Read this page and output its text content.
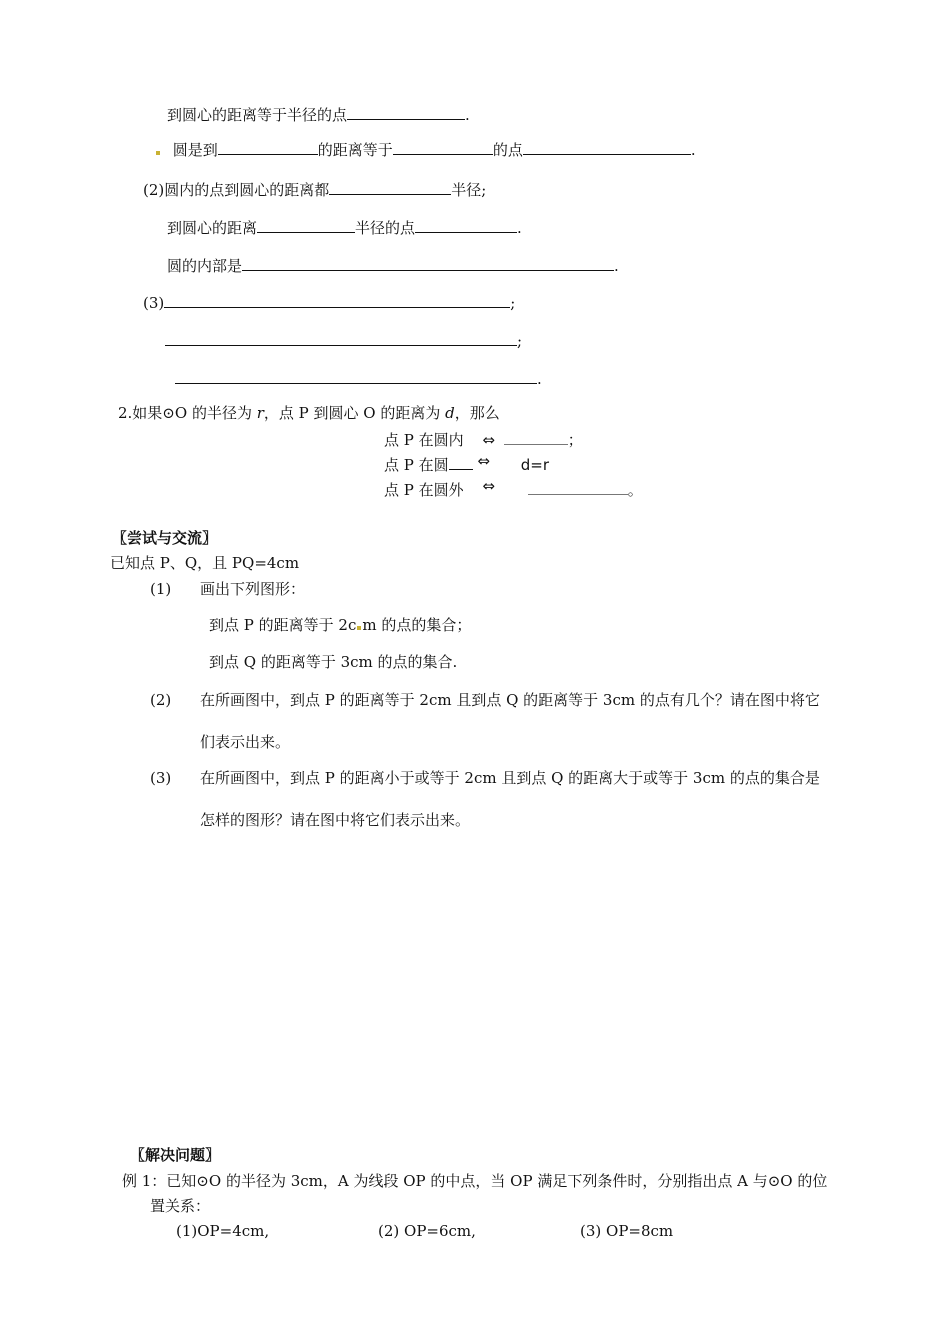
到圆心的距离等于半径的点	.
圆是到	的距离等于	的点	.
(2)圆内的点到圆心的距离都	半径;
到圆心的距离	半径的点	.
圆的内部是	.
(3)	;
;
.
2.如果⊙O 的半径为 r，点 P 到圆心 O 的距离为 d，那么
点 P 在圆内 ⇔	；
点 P 在圆 ⇔ d=r
点 P 在圆外 ⇔	。
〖尝试与交流〗
已知点 P、Q，且 PQ=4cm
(1) 画出下列图形：
到点 P 的距离等于 2c m 的点的集合；
到点 Q 的距离等于 3cm 的点的集合.
(2) 在所画图中，到点 P 的距离等于 2cm 且到点 Q 的距离等于 3cm 的点有几个？请在图中将它
们表示出来。
(3) 在所画图中，到点 P 的距离小于或等于 2cm 且到点 Q 的距离大于或等于 3cm 的点的集合是
怎样的图形？请在图中将它们表示出来。
〖解决问题〗
例 1：已知⊙O 的半径为 3cm，A 为线段 OP 的中点，当 OP 满足下列条件时，分别指出点 A 与⊙O 的位
置关系：
(1)OP=4cm,	(2) OP=6cm,	(3) OP=8cm
